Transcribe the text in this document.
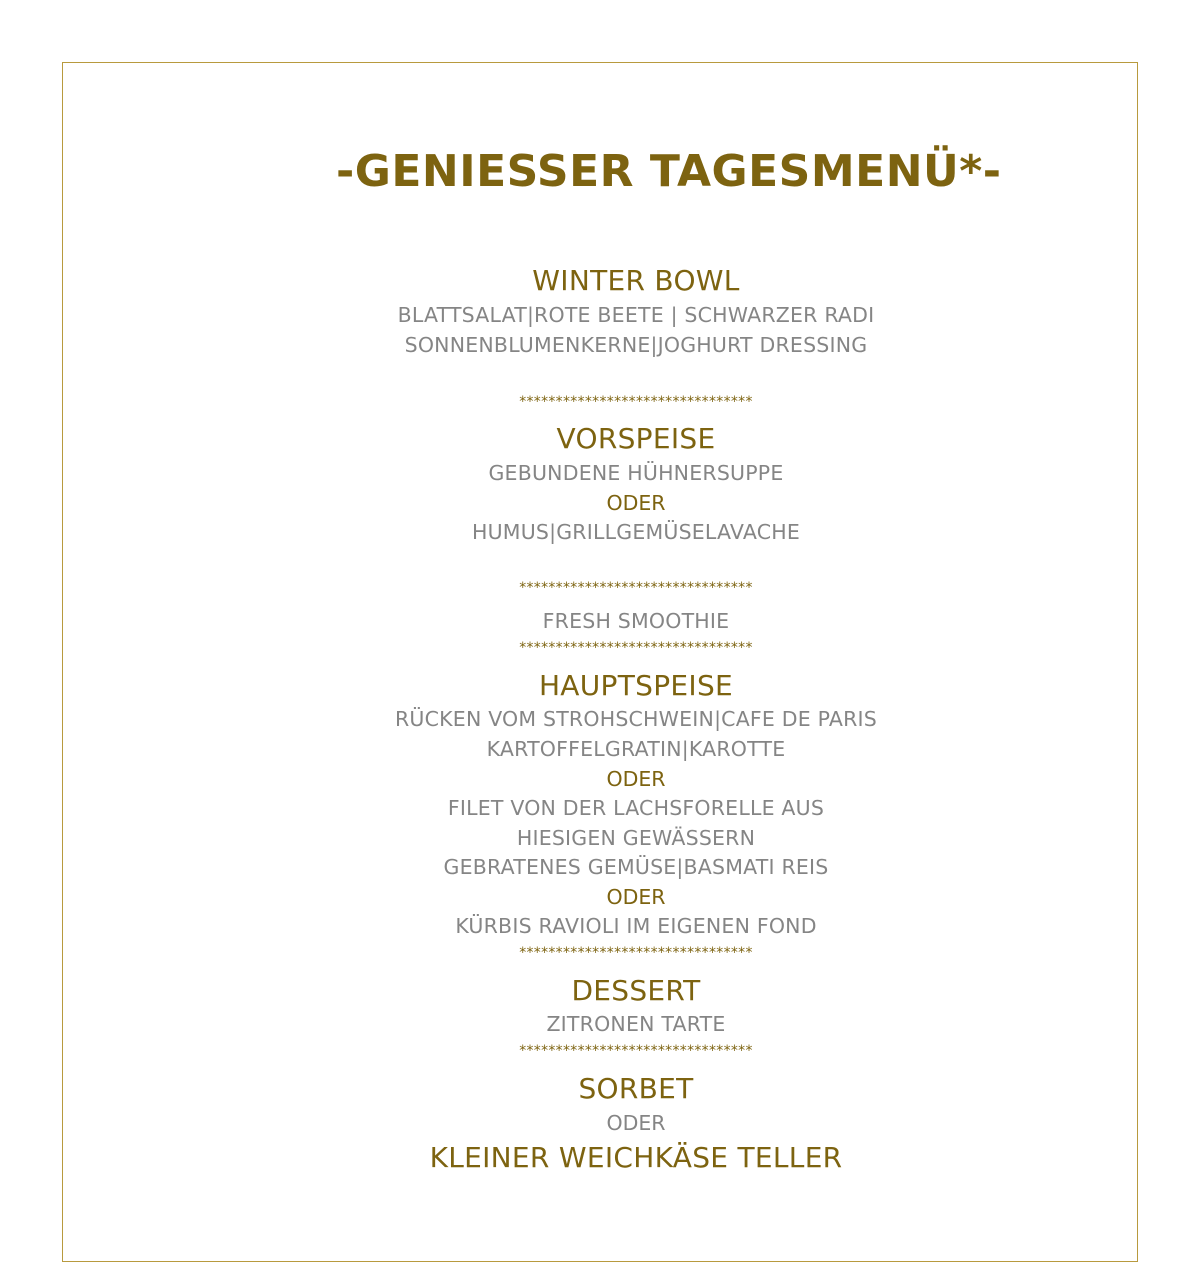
-GENIESSER TAGESMENÜ*-
WINTER BOWL
BLATTSALAT|ROTE BEETE | SCHWARZER RADI
SONNENBLUMENKERNE|JOGHURT DRESSING
********************************
VORSPEISE
GEBUNDENE HÜHNERSUPPE
ODER
HUMUS|GRILLGEMÜSELAVACHE
********************************
FRESH SMOOTHIE
********************************
HAUPTSPEISE
RÜCKEN VOM STROHSCHWEIN|CAFE DE PARIS
KARTOFFELGRATIN|KAROTTE
ODER
FILET VON DER LACHSFORELLE AUS
HIESIGEN GEWÄSSERN
GEBRATENES GEMÜSE|BASMATI REIS
ODER
KÜRBIS RAVIOLI IM EIGENEN FOND
********************************
DESSERT
ZITRONEN TARTE
********************************
SORBET
ODER
KLEINER WEICHKÄSE TELLER
